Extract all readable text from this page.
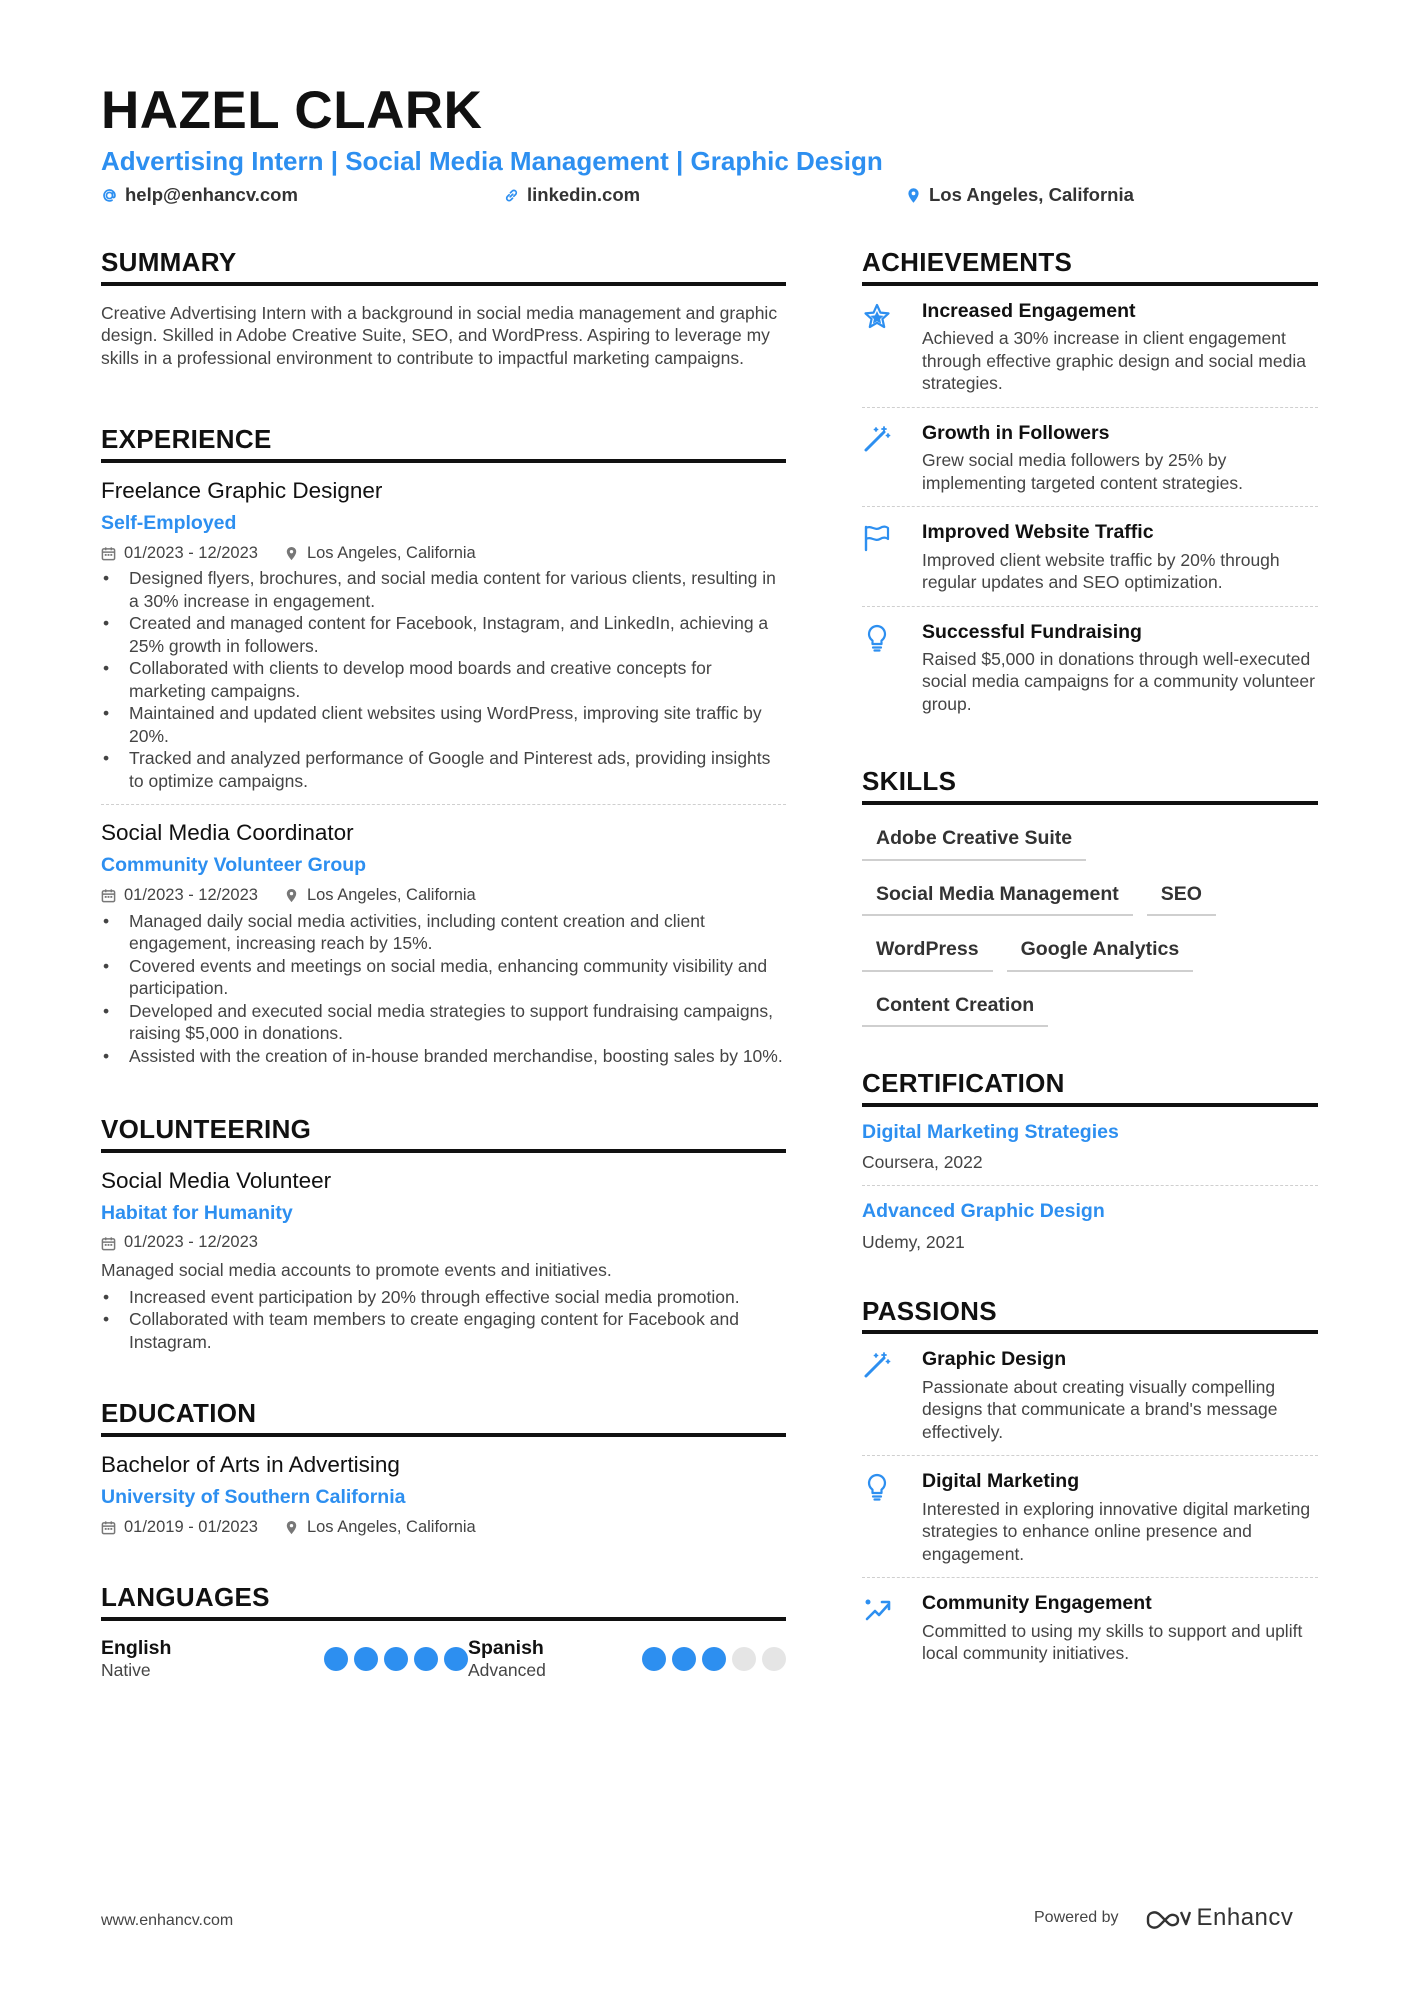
HAZEL CLARK
Advertising Intern | Social Media Management | Graphic Design
help@enhancv.com	linkedin.com	Los Angeles, California
SUMMARY
Creative Advertising Intern with a background in social media management and graphic design. Skilled in Adobe Creative Suite, SEO, and WordPress. Aspiring to leverage my skills in a professional environment to contribute to impactful marketing campaigns.
EXPERIENCE
Freelance Graphic Designer
Self-Employed
01/2023 - 12/2023	Los Angeles, California
• Designed flyers, brochures, and social media content for various clients, resulting in a 30% increase in engagement.
• Created and managed content for Facebook, Instagram, and LinkedIn, achieving a 25% growth in followers.
• Collaborated with clients to develop mood boards and creative concepts for marketing campaigns.
• Maintained and updated client websites using WordPress, improving site traffic by 20%.
• Tracked and analyzed performance of Google and Pinterest ads, providing insights to optimize campaigns.
Social Media Coordinator
Community Volunteer Group
01/2023 - 12/2023	Los Angeles, California
• Managed daily social media activities, including content creation and client engagement, increasing reach by 15%.
• Covered events and meetings on social media, enhancing community visibility and participation.
• Developed and executed social media strategies to support fundraising campaigns, raising $5,000 in donations.
• Assisted with the creation of in-house branded merchandise, boosting sales by 10%.
VOLUNTEERING
Social Media Volunteer
Habitat for Humanity
01/2023 - 12/2023
Managed social media accounts to promote events and initiatives.
• Increased event participation by 20% through effective social media promotion.
• Collaborated with team members to create engaging content for Facebook and Instagram.
EDUCATION
Bachelor of Arts in Advertising
University of Southern California
01/2019 - 01/2023	Los Angeles, California
LANGUAGES
English
Native
Spanish
Advanced
ACHIEVEMENTS
Increased Engagement
Achieved a 30% increase in client engagement through effective graphic design and social media strategies.
Growth in Followers
Grew social media followers by 25% by implementing targeted content strategies.
Improved Website Traffic
Improved client website traffic by 20% through regular updates and SEO optimization.
Successful Fundraising
Raised $5,000 in donations through well-executed social media campaigns for a community volunteer group.
SKILLS
Adobe Creative Suite
Social Media Management	SEO
WordPress	Google Analytics
Content Creation
CERTIFICATION
Digital Marketing Strategies
Coursera, 2022
Advanced Graphic Design
Udemy, 2021
PASSIONS
Graphic Design
Passionate about creating visually compelling designs that communicate a brand's message effectively.
Digital Marketing
Interested in exploring innovative digital marketing strategies to enhance online presence and engagement.
Community Engagement
Committed to using my skills to support and uplift local community initiatives.
www.enhancv.com	Powered by	Enhancv
